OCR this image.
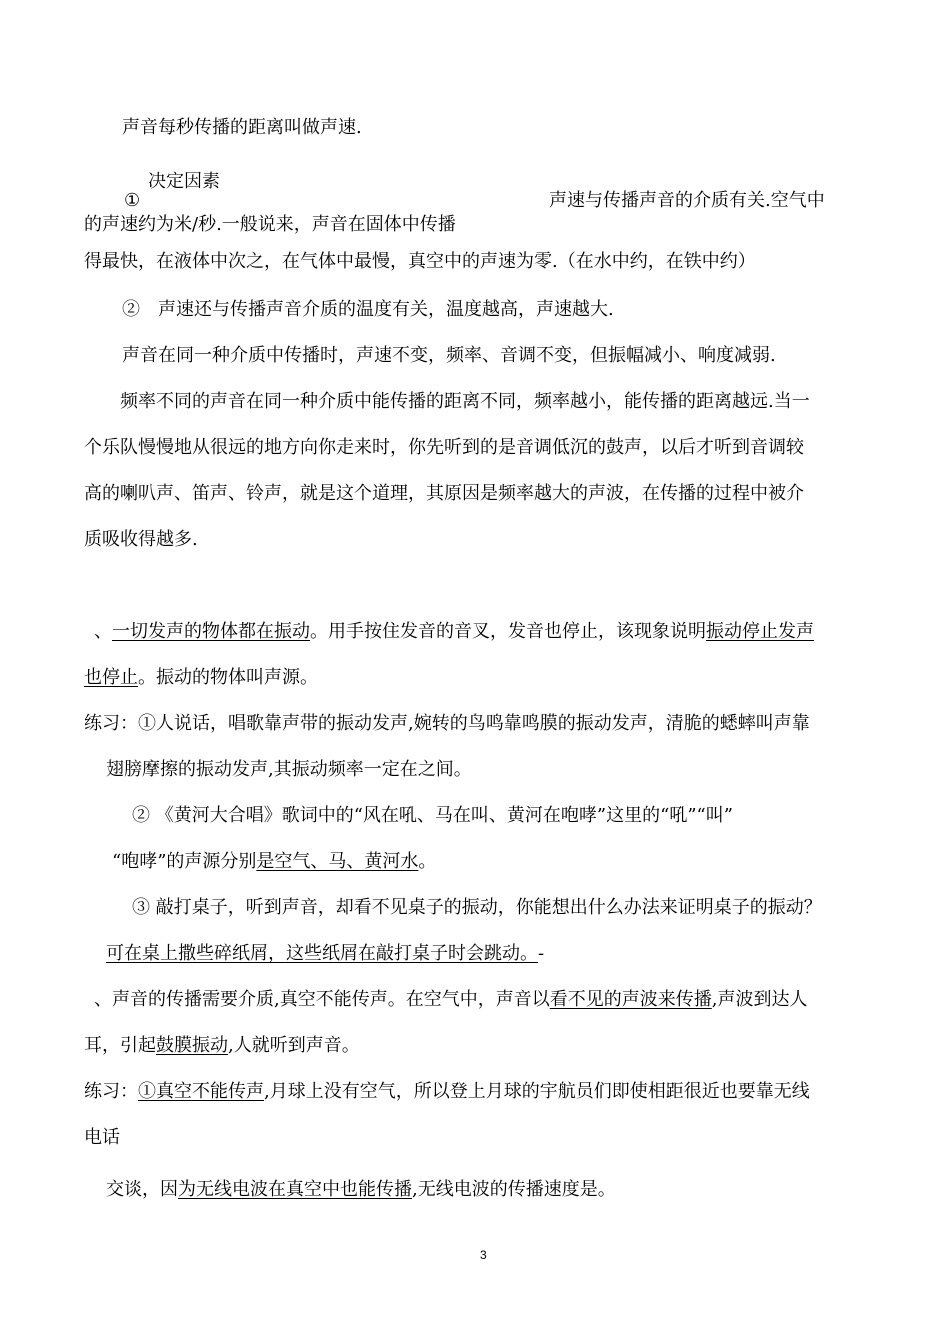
声音每秒传播的距离叫做声速.
决定因素
①	声速与传播声音的介质有关.空气中
的声速约为米/秒.一般说来，声音在固体中传播
得最快，在液体中次之，在气体中最慢，真空中的声速为零.（在水中约，在铁中约）
②　声速还与传播声音介质的温度有关，温度越高，声速越大.
声音在同一种介质中传播时，声速不变，频率、音调不变，但振幅减小、响度减弱.
频率不同的声音在同一种介质中能传播的距离不同，频率越小，能传播的距离越远.当一
个乐队慢慢地从很远的地方向你走来时，你先听到的是音调低沉的鼓声，以后才听到音调较
高的喇叭声、笛声、铃声，就是这个道理，其原因是频率越大的声波，在传播的过程中被介
质吸收得越多.
、一切发声的物体都在振动。用手按住发音的音叉，发音也停止，该现象说明振动停止发声
也停止。振动的物体叫声源。
练习：①人说话，唱歌靠声带的振动发声,婉转的鸟鸣靠鸣膜的振动发声，清脆的蟋蟀叫声靠
翅膀摩擦的振动发声,其振动频率一定在之间。
② 《黄河大合唱》歌词中的“风在吼、马在叫、黄河在咆哮”这里的“吼”“叫”
“咆哮”的声源分别是空气、马、黄河水。
③ 敲打桌子，听到声音，却看不见桌子的振动，你能想出什么办法来证明桌子的振动？
可在桌上撒些碎纸屑，这些纸屑在敲打桌子时会跳动。-
、声音的传播需要介质,真空不能传声。在空气中，声音以看不见的声波来传播,声波到达人
耳，引起鼓膜振动,人就听到声音。
练习：①真空不能传声,月球上没有空气，所以登上月球的宇航员们即使相距很近也要靠无线
电话
交谈，因为无线电波在真空中也能传播,无线电波的传播速度是。
3
